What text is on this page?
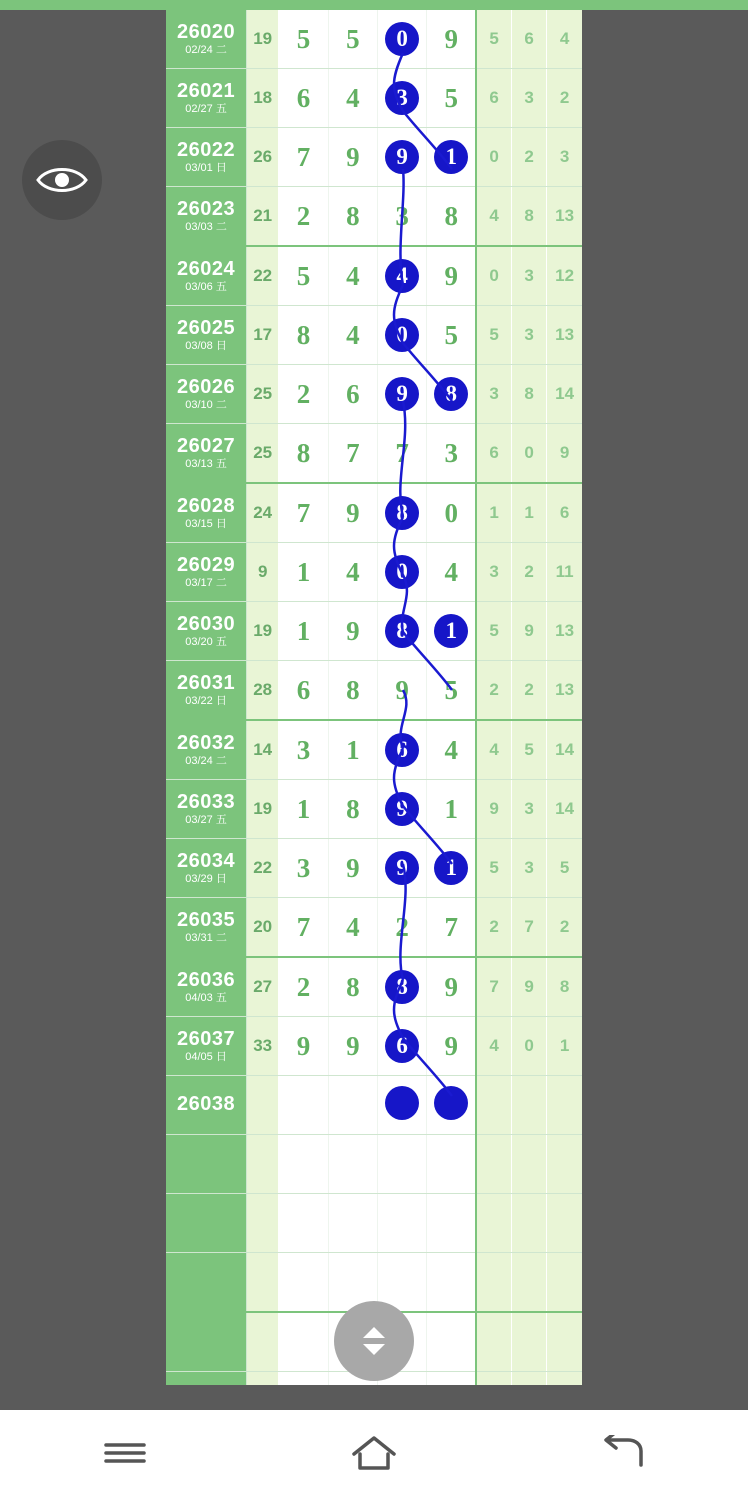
26020
02/24 二	19	5	5	0	9	5	6	4

26021
02/27 五	18	6	4	3	5	6	3	2

26022
03/01 日	26	7	9	9	1	0	2	3

26023
03/03 二	21	2	8	3	8	4	8	13

26024
03/06 五	22	5	4	4	9	0	3	12

26025
03/08 日	17	8	4	0	5	5	3	13

26026
03/10 二	25	2	6	9	8	3	8	14

26027
03/13 五	25	8	7	7	3	6	0	9

26028
03/15 日	24	7	9	8	0	1	1	6

26029
03/17 二	9	1	4	0	4	3	2	11

26030
03/20 五	19	1	9	8	1	5	9	13

26031
03/22 日	28	6	8	9	5	2	2	13

26032
03/24 二	14	3	1	6	4	4	5	14

26033
03/27 五	19	1	8	9	1	9	3	14

26034
03/29 日	22	3	9	9	1	5	3	5

26035
03/31 二	20	7	4	2	7	2	7	2

26036
04/03 五	27	2	8	8	9	7	9	8

26037
04/05 日	33	9	9	6	9	4	0	1

26038								
